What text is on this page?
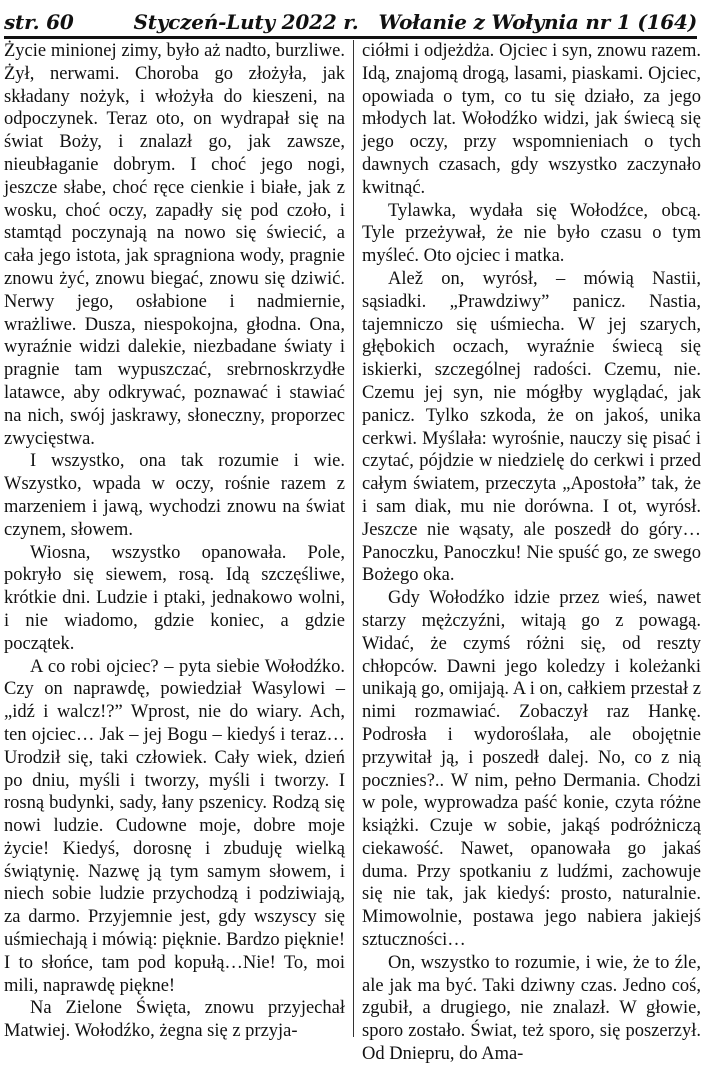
str. 60	Styczeń-Luty 2022 r. Wołanie z Wołynia nr 1 (164)

Życie minionej zimy, było aż nadto, burzliwe. Żył, nerwami. Choroba go złożyła, jak składany nożyk, i włożyła do kieszeni, na odpoczynek. Teraz oto, on wydrapał się na świat Boży, i znalazł go, jak zawsze, nieubłaganie dobrym. I choć jego nogi, jeszcze słabe, choć ręce cienkie i białe, jak z wosku, choć oczy, zapadły się pod czoło, i stamtąd poczynają na nowo się świecić, a cała jego istota, jak spragniona wody, pragnie znowu żyć, znowu biegać, znowu się dziwić. Nerwy jego, osłabione i nadmiernie, wrażliwe. Dusza, niespokojna, głodna. Ona, wyraźnie widzi dalekie, niezbadane światy i pragnie tam wypuszczać, srebrnoskrzydłe latawce, aby odkrywać, poznawać i stawiać na nich, swój jaskrawy, słoneczny, proporzec zwycięstwa.

I wszystko, ona tak rozumie i wie. Wszystko, wpada w oczy, rośnie razem z marzeniem i jawą, wychodzi znowu na świat czynem, słowem.

Wiosna, wszystko opanowała. Pole, pokryło się siewem, rosą. Idą szczęśliwe, krótkie dni. Ludzie i ptaki, jednakowo wolni, i nie wiadomo, gdzie koniec, a gdzie początek.

A co robi ojciec? – pyta siebie Wołodźko. Czy on naprawdę, powiedział Wasylowi – „idź i walcz!?” Wprost, nie do wiary. Ach, ten ojciec… Jak – jej Bogu – kiedyś i teraz… Urodził się, taki człowiek. Cały wiek, dzień po dniu, myśli i tworzy, myśli i tworzy. I rosną budynki, sady, łany pszenicy. Rodzą się nowi ludzie. Cudowne moje, dobre moje życie! Kiedyś, dorosnę i zbuduję wielką świątynię. Nazwę ją tym samym słowem, i niech sobie ludzie przychodzą i podziwiają, za darmo. Przyjemnie jest, gdy wszyscy się uśmiechają i mówią: pięknie. Bardzo pięknie! I to słońce, tam pod kopułą…Nie! To, moi mili, naprawdę piękne!

Na Zielone Święta, znowu przyjechał Matwiej. Wołodźko, żegna się z przyja-

ciółmi i odjeżdża. Ojciec i syn, znowu razem. Idą, znajomą drogą, lasami, piaskami. Ojciec, opowiada o tym, co tu się działo, za jego młodych lat. Wołodźko widzi, jak świecą się jego oczy, przy wspomnieniach o tych dawnych czasach, gdy wszystko zaczynało kwitnąć.

Tylawka, wydała się Wołodźce, obcą. Tyle przeżywał, że nie było czasu o tym myśleć. Oto ojciec i matka.

Alež on, wyrósł, – mówią Nastii, sąsiadki. „Prawdziwy” panicz. Nastia, tajemniczo się uśmiecha. W jej szarych, głębokich oczach, wyraźnie świecą się iskierki, szczególnej radości. Czemu, nie. Czemu jej syn, nie mógłby wyglądać, jak panicz. Tylko szkoda, że on jakoś, unika cerkwi. Myślała: wyrośnie, nauczy się pisać i czytać, pójdzie w niedzielę do cerkwi i przed całym światem, przeczyta „Apostoła” tak, że i sam diak, mu nie dorówna. I ot, wyrósł. Jeszcze nie wąsaty, ale poszedł do góry… Panoczku, Panoczku! Nie spuść go, ze swego Bożego oka.

Gdy Wołodźko idzie przez wieś, nawet starzy mężczyźni, witają go z powagą. Widać, że czymś różni się, od reszty chłopców. Dawni jego koledzy i koleżanki unikają go, omijają. A i on, całkiem przestał z nimi rozmawiać. Zobaczył raz Hankę. Podrosła i wydoroślała, ale obojętnie przywitał ją, i poszedł dalej. No, co z nią pocznies?.. W nim, pełno Dermania. Chodzi w pole, wyprowadza paść konie, czyta różne książki. Czuje w sobie, jakąś podróżniczą ciekawość. Nawet, opanowała go jakaś duma. Przy spotkaniu z ludźmi, zachowuje się nie tak, jak kiedyś: prosto, naturalnie. Mimowolnie, postawa jego nabiera jakiejś sztuczności…

On, wszystko to rozumie, i wie, że to źle, ale jak ma być. Taki dziwny czas. Jedno coś, zgubił, a drugiego, nie znalazł. W głowie, sporo zostało. Świat, też sporo, się poszerzył. Od Dniepru, do Ama-
